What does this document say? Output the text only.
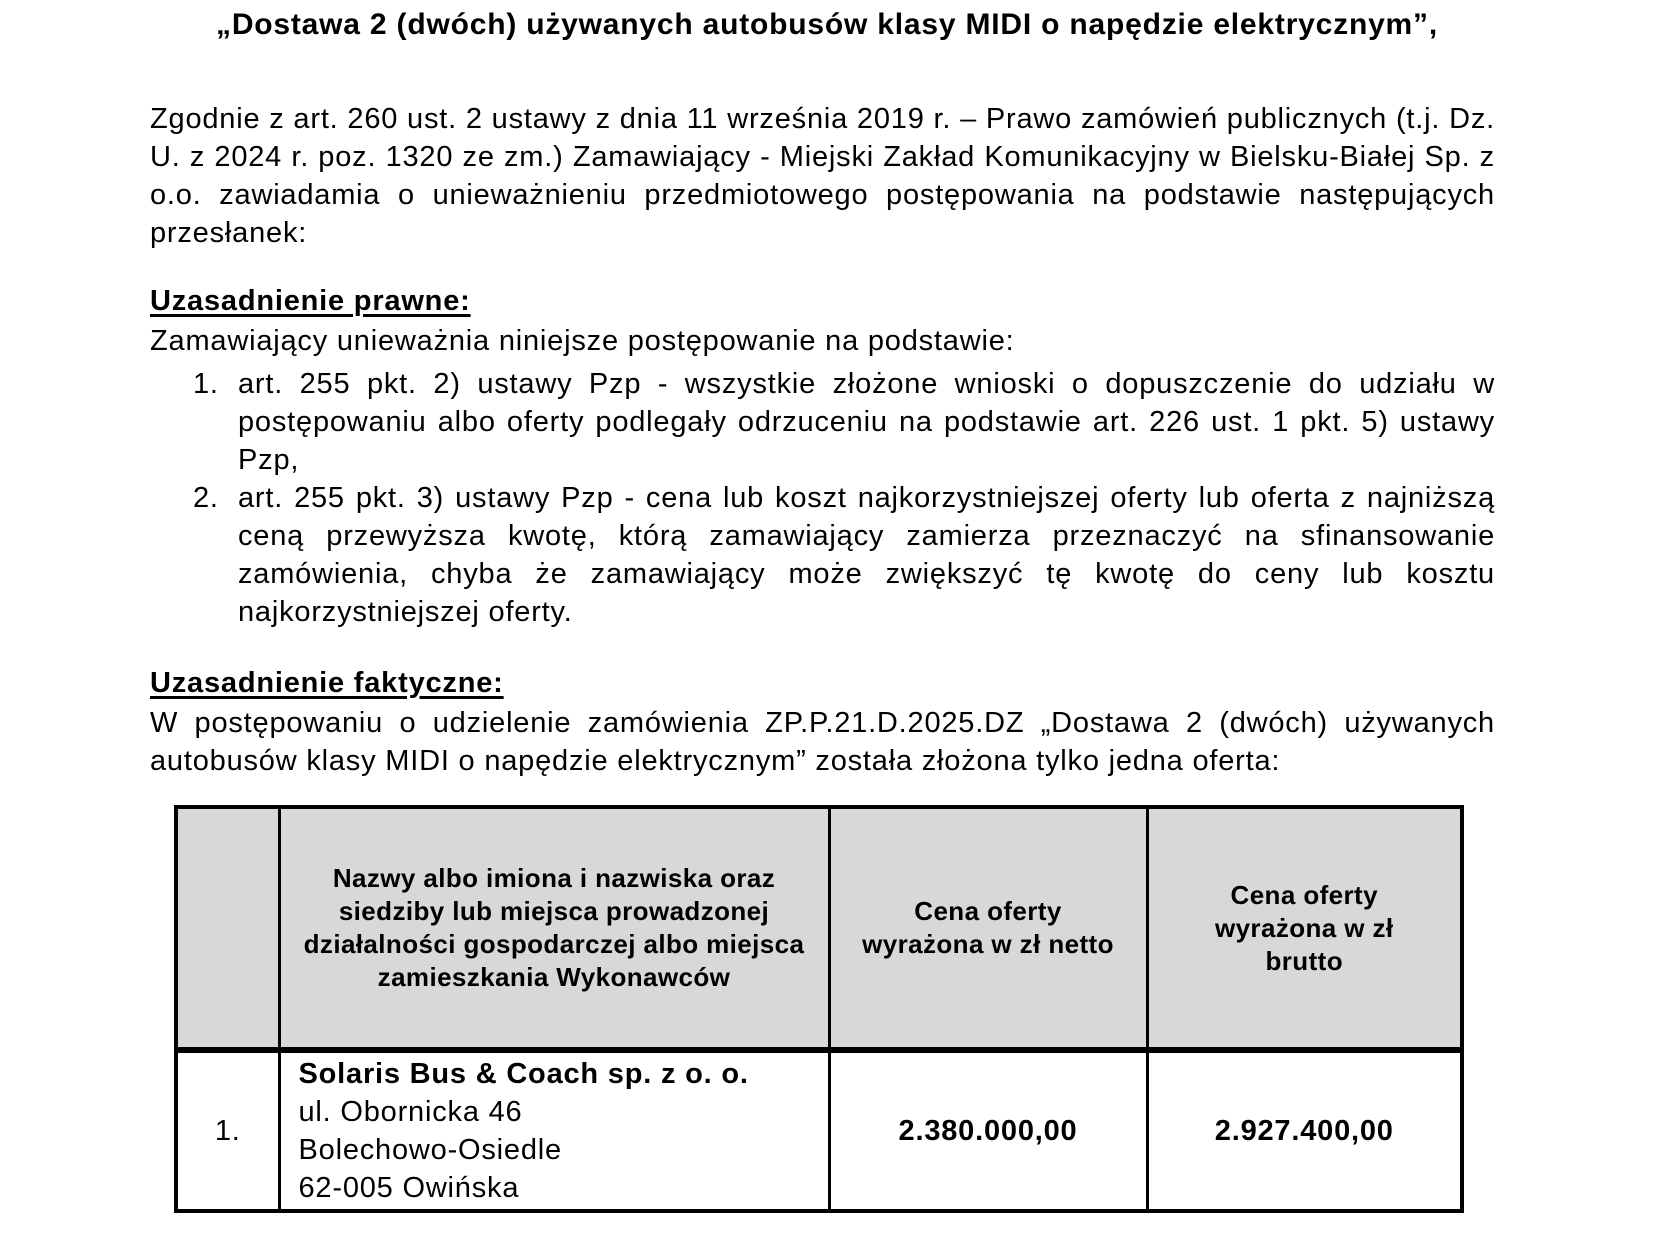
„Dostawa 2 (dwóch) używanych autobusów klasy MIDI o napędzie elektrycznym”,

Zgodnie z art. 260 ust. 2 ustawy z dnia 11 września 2019 r. – Prawo zamówień publicznych (t.j. Dz. U. z 2024 r. poz. 1320 ze zm.) Zamawiający - Miejski Zakład Komunikacyjny w Bielsku-Białej Sp. z o.o. zawiadamia o unieważnieniu przedmiotowego postępowania na podstawie następujących przesłanek:

Uzasadnienie prawne:

Zamawiający unieważnia niniejsze postępowanie na podstawie:

1. art. 255 pkt. 2) ustawy Pzp - wszystkie złożone wnioski o dopuszczenie do udziału w postępowaniu albo oferty podlegały odrzuceniu na podstawie art. 226 ust. 1 pkt. 5) ustawy Pzp,
2. art. 255 pkt. 3) ustawy Pzp - cena lub koszt najkorzystniejszej oferty lub oferta z najniższą ceną przewyższa kwotę, którą zamawiający zamierza przeznaczyć na sfinansowanie zamówienia, chyba że zamawiający może zwiększyć tę kwotę do ceny lub kosztu najkorzystniejszej oferty.
Uzasadnienie faktyczne:

W postępowaniu o udzielenie zamówienia ZP.P.21.D.2025.DZ „Dostawa 2 (dwóch) używanych autobusów klasy MIDI o napędzie elektrycznym” została złożona tylko jedna oferta:

	Nazwy albo imiona i nazwiska oraz siedziby lub miejsca prowadzonej działalności gospodarczej albo miejsca zamieszkania Wykonawców	Cena oferty wyrażona w zł netto	Cena oferty wyrażona w zł brutto
1.	Solaris Bus & Coach sp. z o. o.
ul. Obornicka 46
Bolechowo-Osiedle
62-005 Owińska	2.380.000,00	2.927.400,00
